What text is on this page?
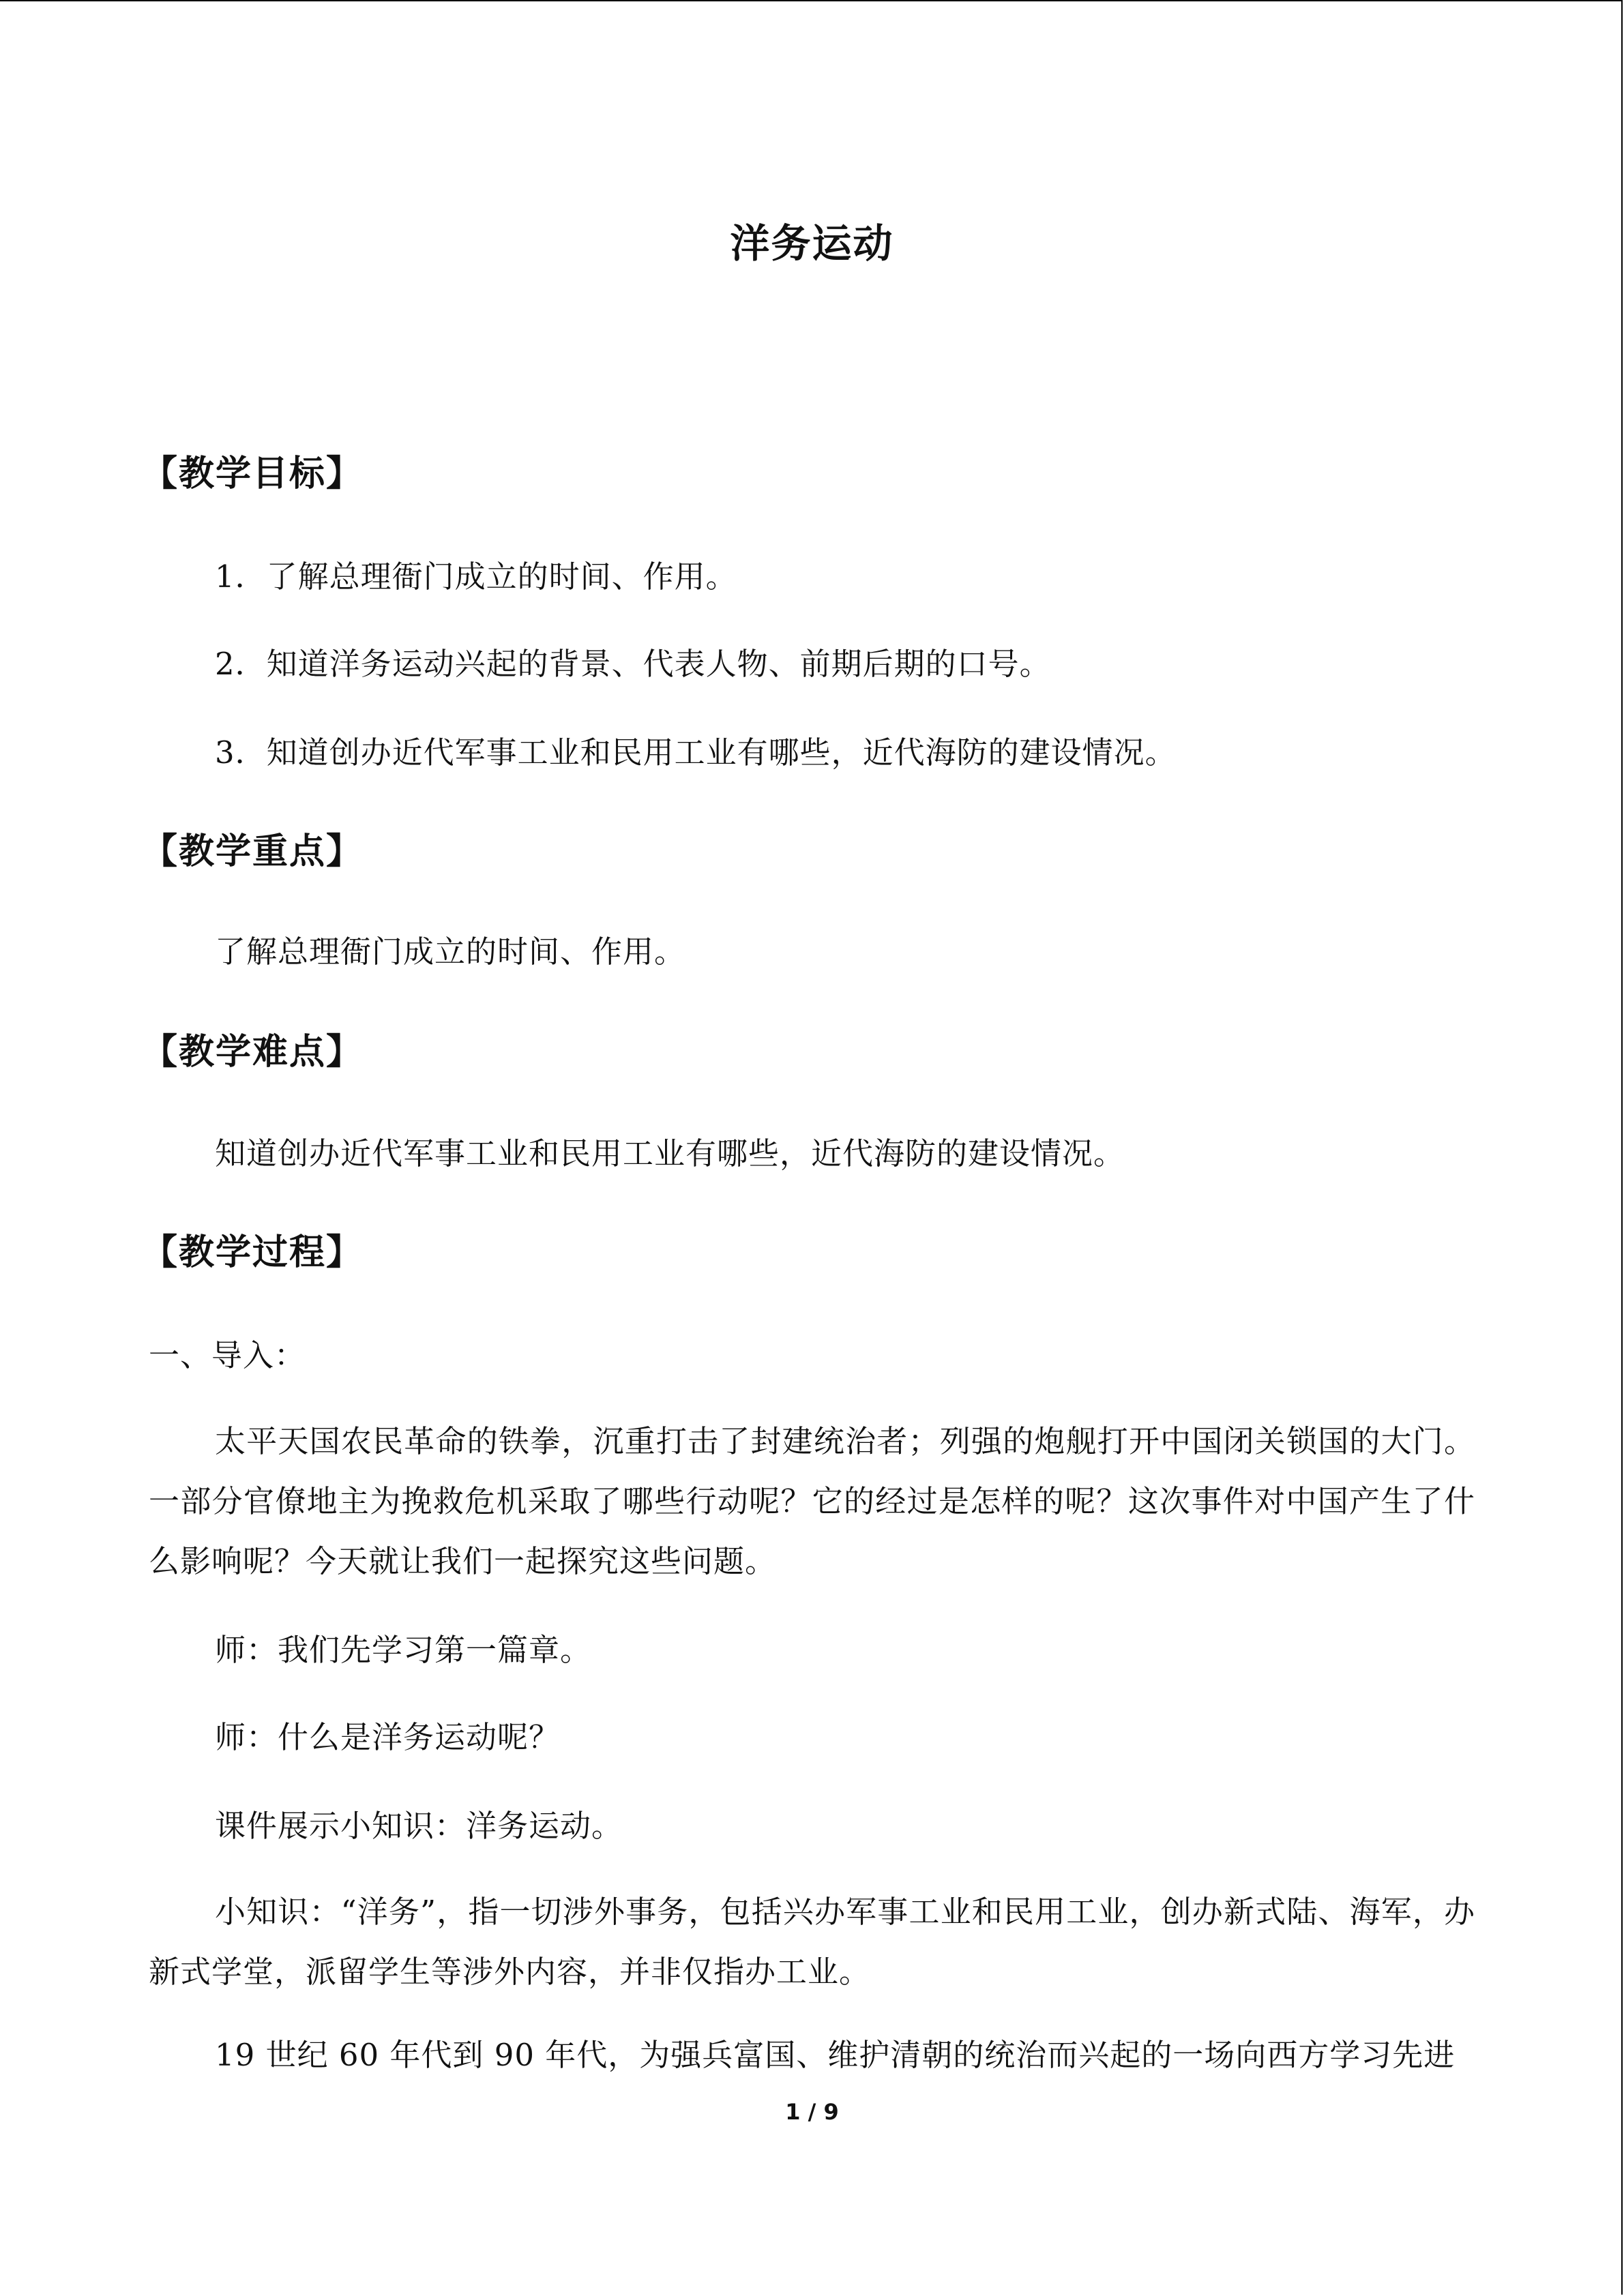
洋务运动
【教学目标】
1．了解总理衙门成立的时间、作用。
2．知道洋务运动兴起的背景、代表人物、前期后期的口号。
3．知道创办近代军事工业和民用工业有哪些，近代海防的建设情况。
【教学重点】
了解总理衙门成立的时间、作用。
【教学难点】
知道创办近代军事工业和民用工业有哪些，近代海防的建设情况。
【教学过程】
一、导入：
太平天国农民革命的铁拳，沉重打击了封建统治者；列强的炮舰打开中国闭关锁国的大门。一部分官僚地主为挽救危机采取了哪些行动呢？它的经过是怎样的呢？这次事件对中国产生了什么影响呢？今天就让我们一起探究这些问题。
师：我们先学习第一篇章。
师：什么是洋务运动呢？
课件展示小知识：洋务运动。
小知识：“洋务”，指一切涉外事务，包括兴办军事工业和民用工业，创办新式陆、海军，办新式学堂，派留学生等涉外内容，并非仅指办工业。
19 世纪 60 年代到 90 年代，为强兵富国、维护清朝的统治而兴起的一场向西方学习先进
1 / 9
